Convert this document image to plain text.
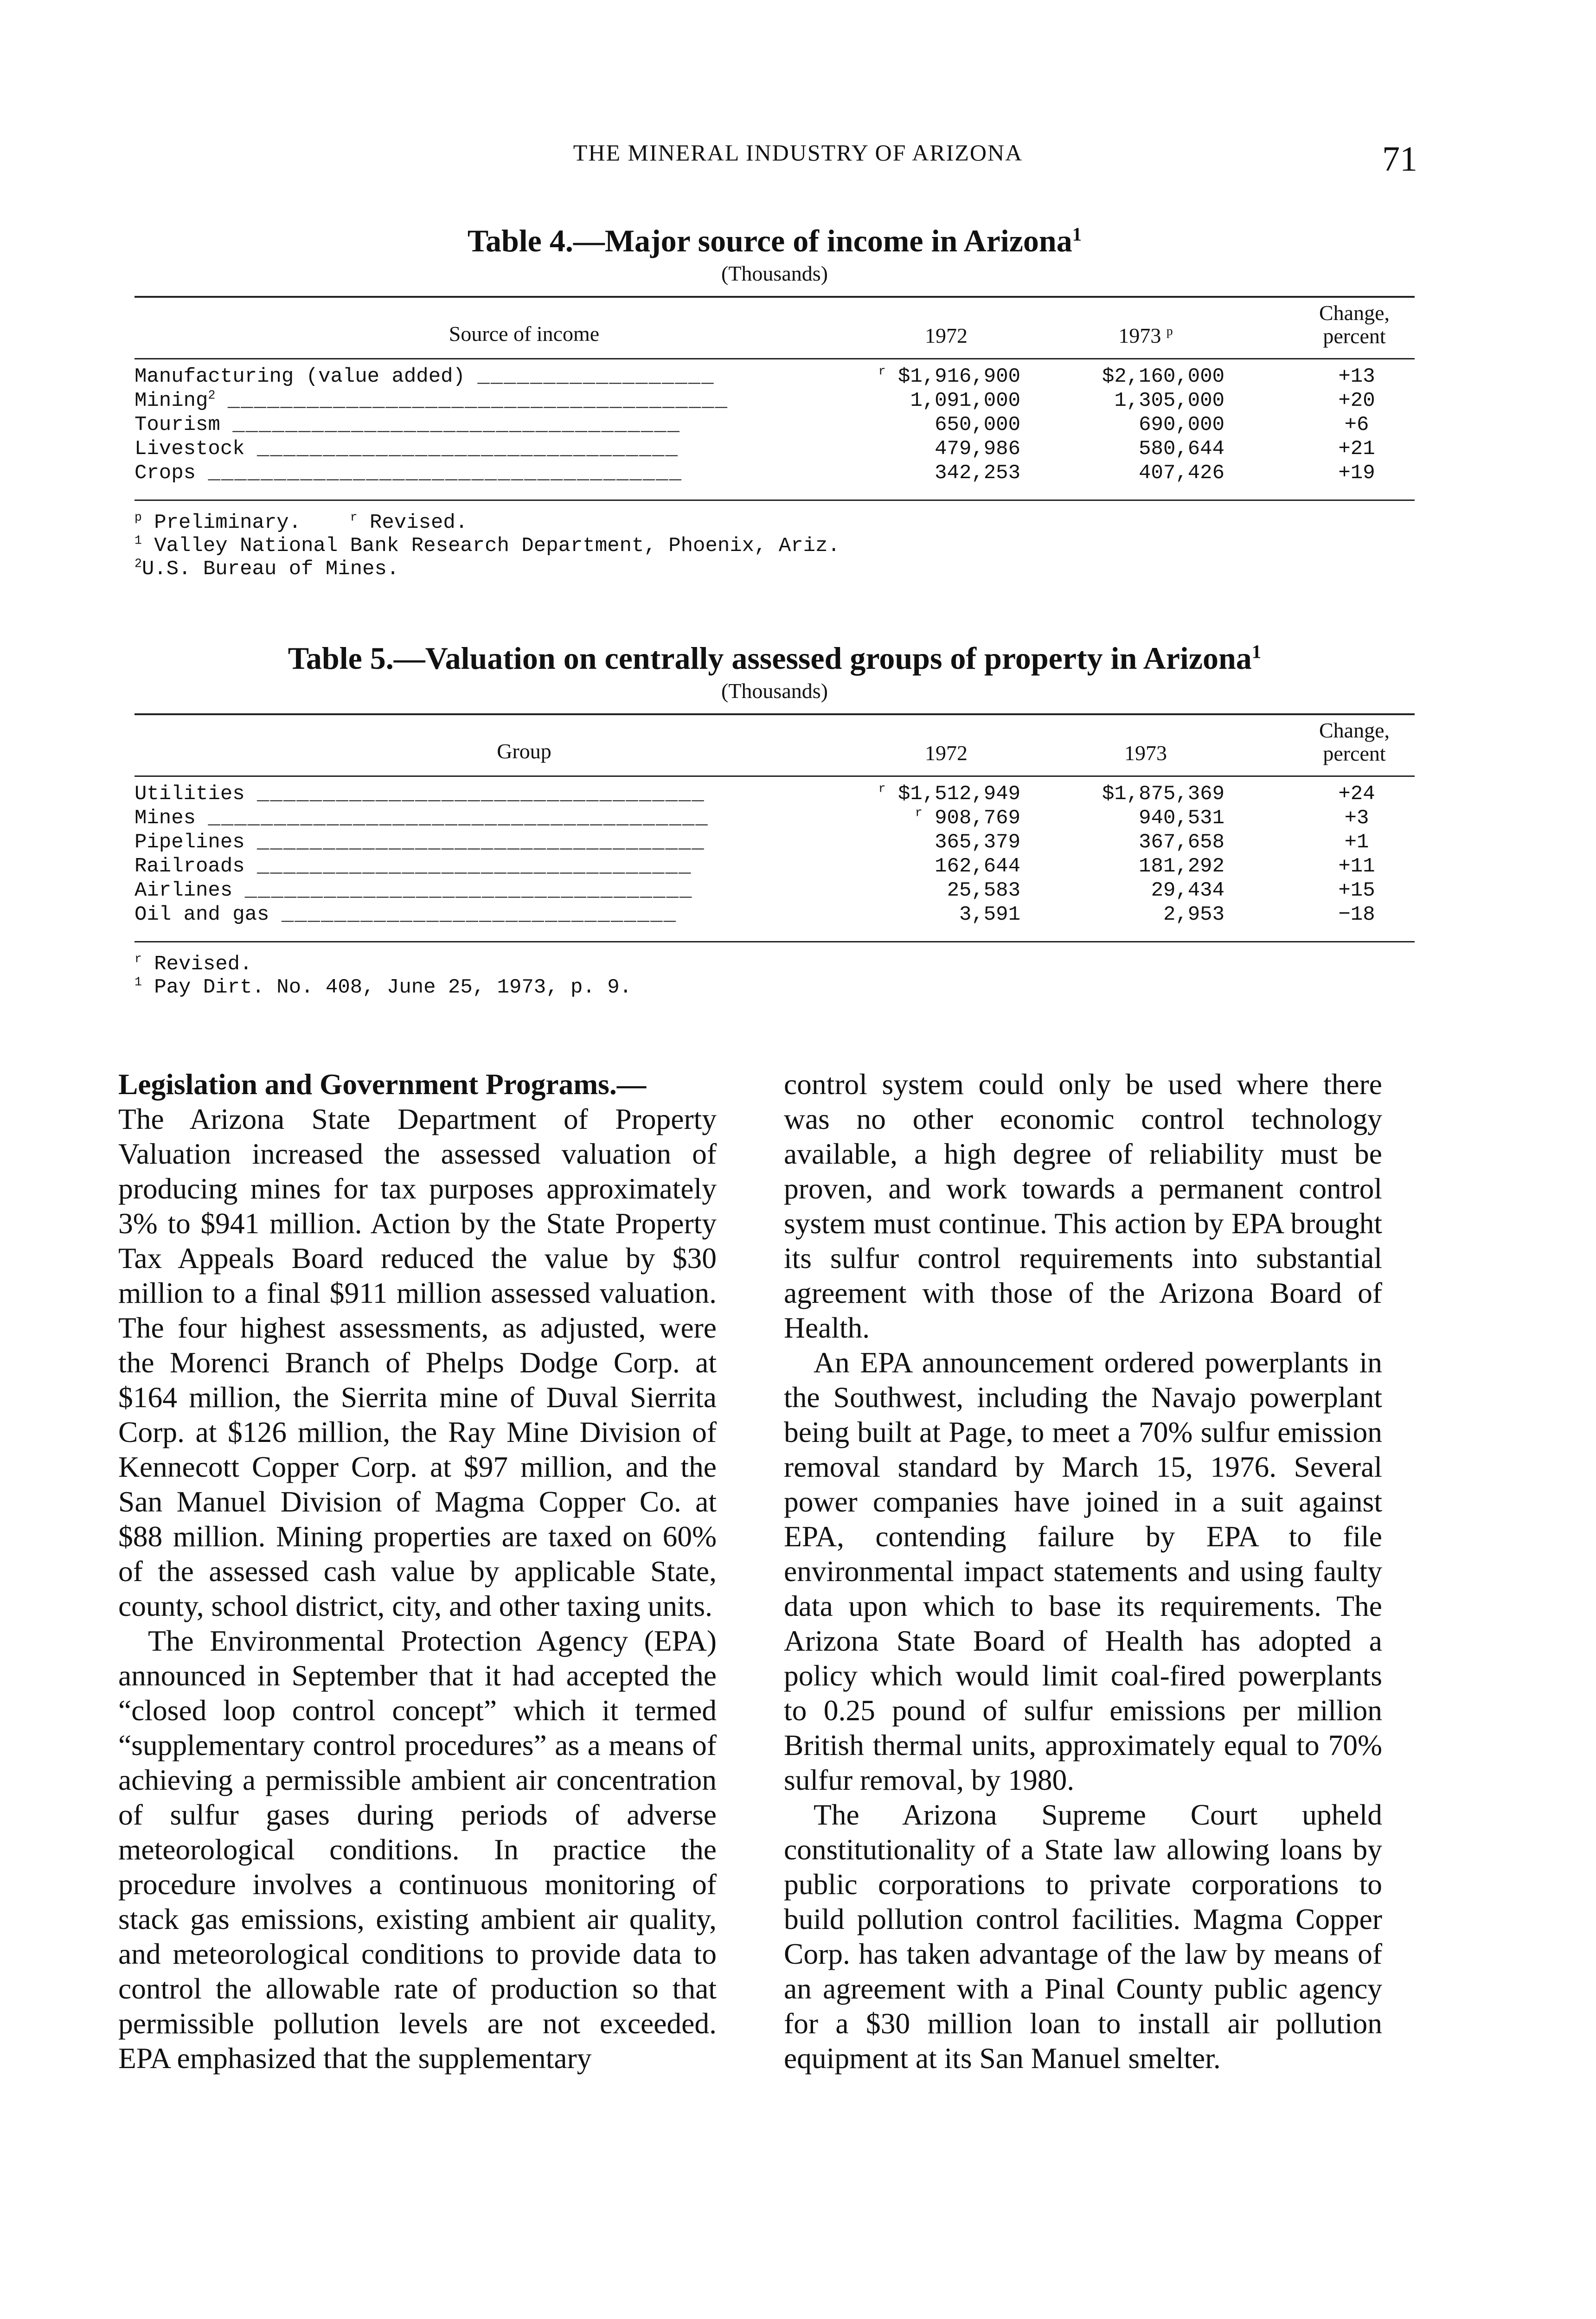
THE MINERAL INDUSTRY OF ARIZONA	71
Table 4.—Major source of income in Arizona$^1$
(Thousands)
Source of income	1972	1973 $^p$
Change,
percent
Manufacturing (value added) __________________	$^r$ $1,916,900	$2,160,000	+13
Mining$^2$ ______________________________________	1,091,000	1,305,000	+20
Tourism __________________________________	650,000	690,000	+6
Livestock ________________________________	479,986	580,644	+21
Crops ____________________________________	342,253	407,426	+19
$^p$ Preliminary.	$^r$ Revised.
$^1$ Valley National Bank Research Department, Phoenix, Ariz.
$^2$U.S. Bureau of Mines.
Table 5.—Valuation on centrally assessed groups of property in Arizona$^1$
(Thousands)
Group	1972	1973
Change,
percent
Utilities __________________________________	$^r$ $1,512,949	$1,875,369	+24
Mines ______________________________________	$^r$ 908,769	940,531	+3
Pipelines __________________________________	365,379	367,658	+1
Railroads _________________________________	162,644	181,292	+11
Airlines __________________________________	25,583	29,434	+15
Oil and gas ______________________________	3,591	2,953	−18
$^r$ Revised.
$^1$ Pay Dirt. No. 408, June 25, 1973, p. 9.

Legislation and Government Programs.—

The Arizona State Department of Property Valuation increased the assessed valuation of producing mines for tax purposes approximately 3% to $941 million. Action by the State Property Tax Appeals Board reduced the value by $30 million to a final $911 million assessed valuation. The four highest assessments, as adjusted, were the Morenci Branch of Phelps Dodge Corp. at $164 million, the Sierrita mine of Duval Sierrita Corp. at $126 million, the Ray Mine Division of Kennecott Copper Corp. at $97 million, and the San Manuel Division of Magma Copper Co. at $88 million. Mining properties are taxed on 60% of the assessed cash value by applicable State, county, school district, city, and other taxing units.

The Environmental Protection Agency (EPA) announced in September that it had accepted the “closed loop control concept” which it termed “supplementary control procedures” as a means of achieving a permissible ambient air concentration of sulfur gases during periods of adverse meteorological conditions. In practice the procedure involves a continuous monitoring of stack gas emissions, existing ambient air quality, and meteorological conditions to provide data to control the allowable rate of production so that permissible pollution levels are not exceeded. EPA emphasized that the supplementary

control system could only be used where there was no other economic control technology available, a high degree of reliability must be proven, and work towards a permanent control system must continue. This action by EPA brought its sulfur control requirements into substantial agreement with those of the Arizona Board of Health.

An EPA announcement ordered powerplants in the Southwest, including the Navajo powerplant being built at Page, to meet a 70% sulfur emission removal standard by March 15, 1976. Several power companies have joined in a suit against EPA, contending failure by EPA to file environmental impact statements and using faulty data upon which to base its requirements. The Arizona State Board of Health has adopted a policy which would limit coal-fired powerplants to 0.25 pound of sulfur emissions per million British thermal units, approximately equal to 70% sulfur removal, by 1980.

The Arizona Supreme Court upheld constitutionality of a State law allowing loans by public corporations to private corporations to build pollution control facilities. Magma Copper Corp. has taken advantage of the law by means of an agreement with a Pinal County public agency for a $30 million loan to install air pollution equipment at its San Manuel smelter.
